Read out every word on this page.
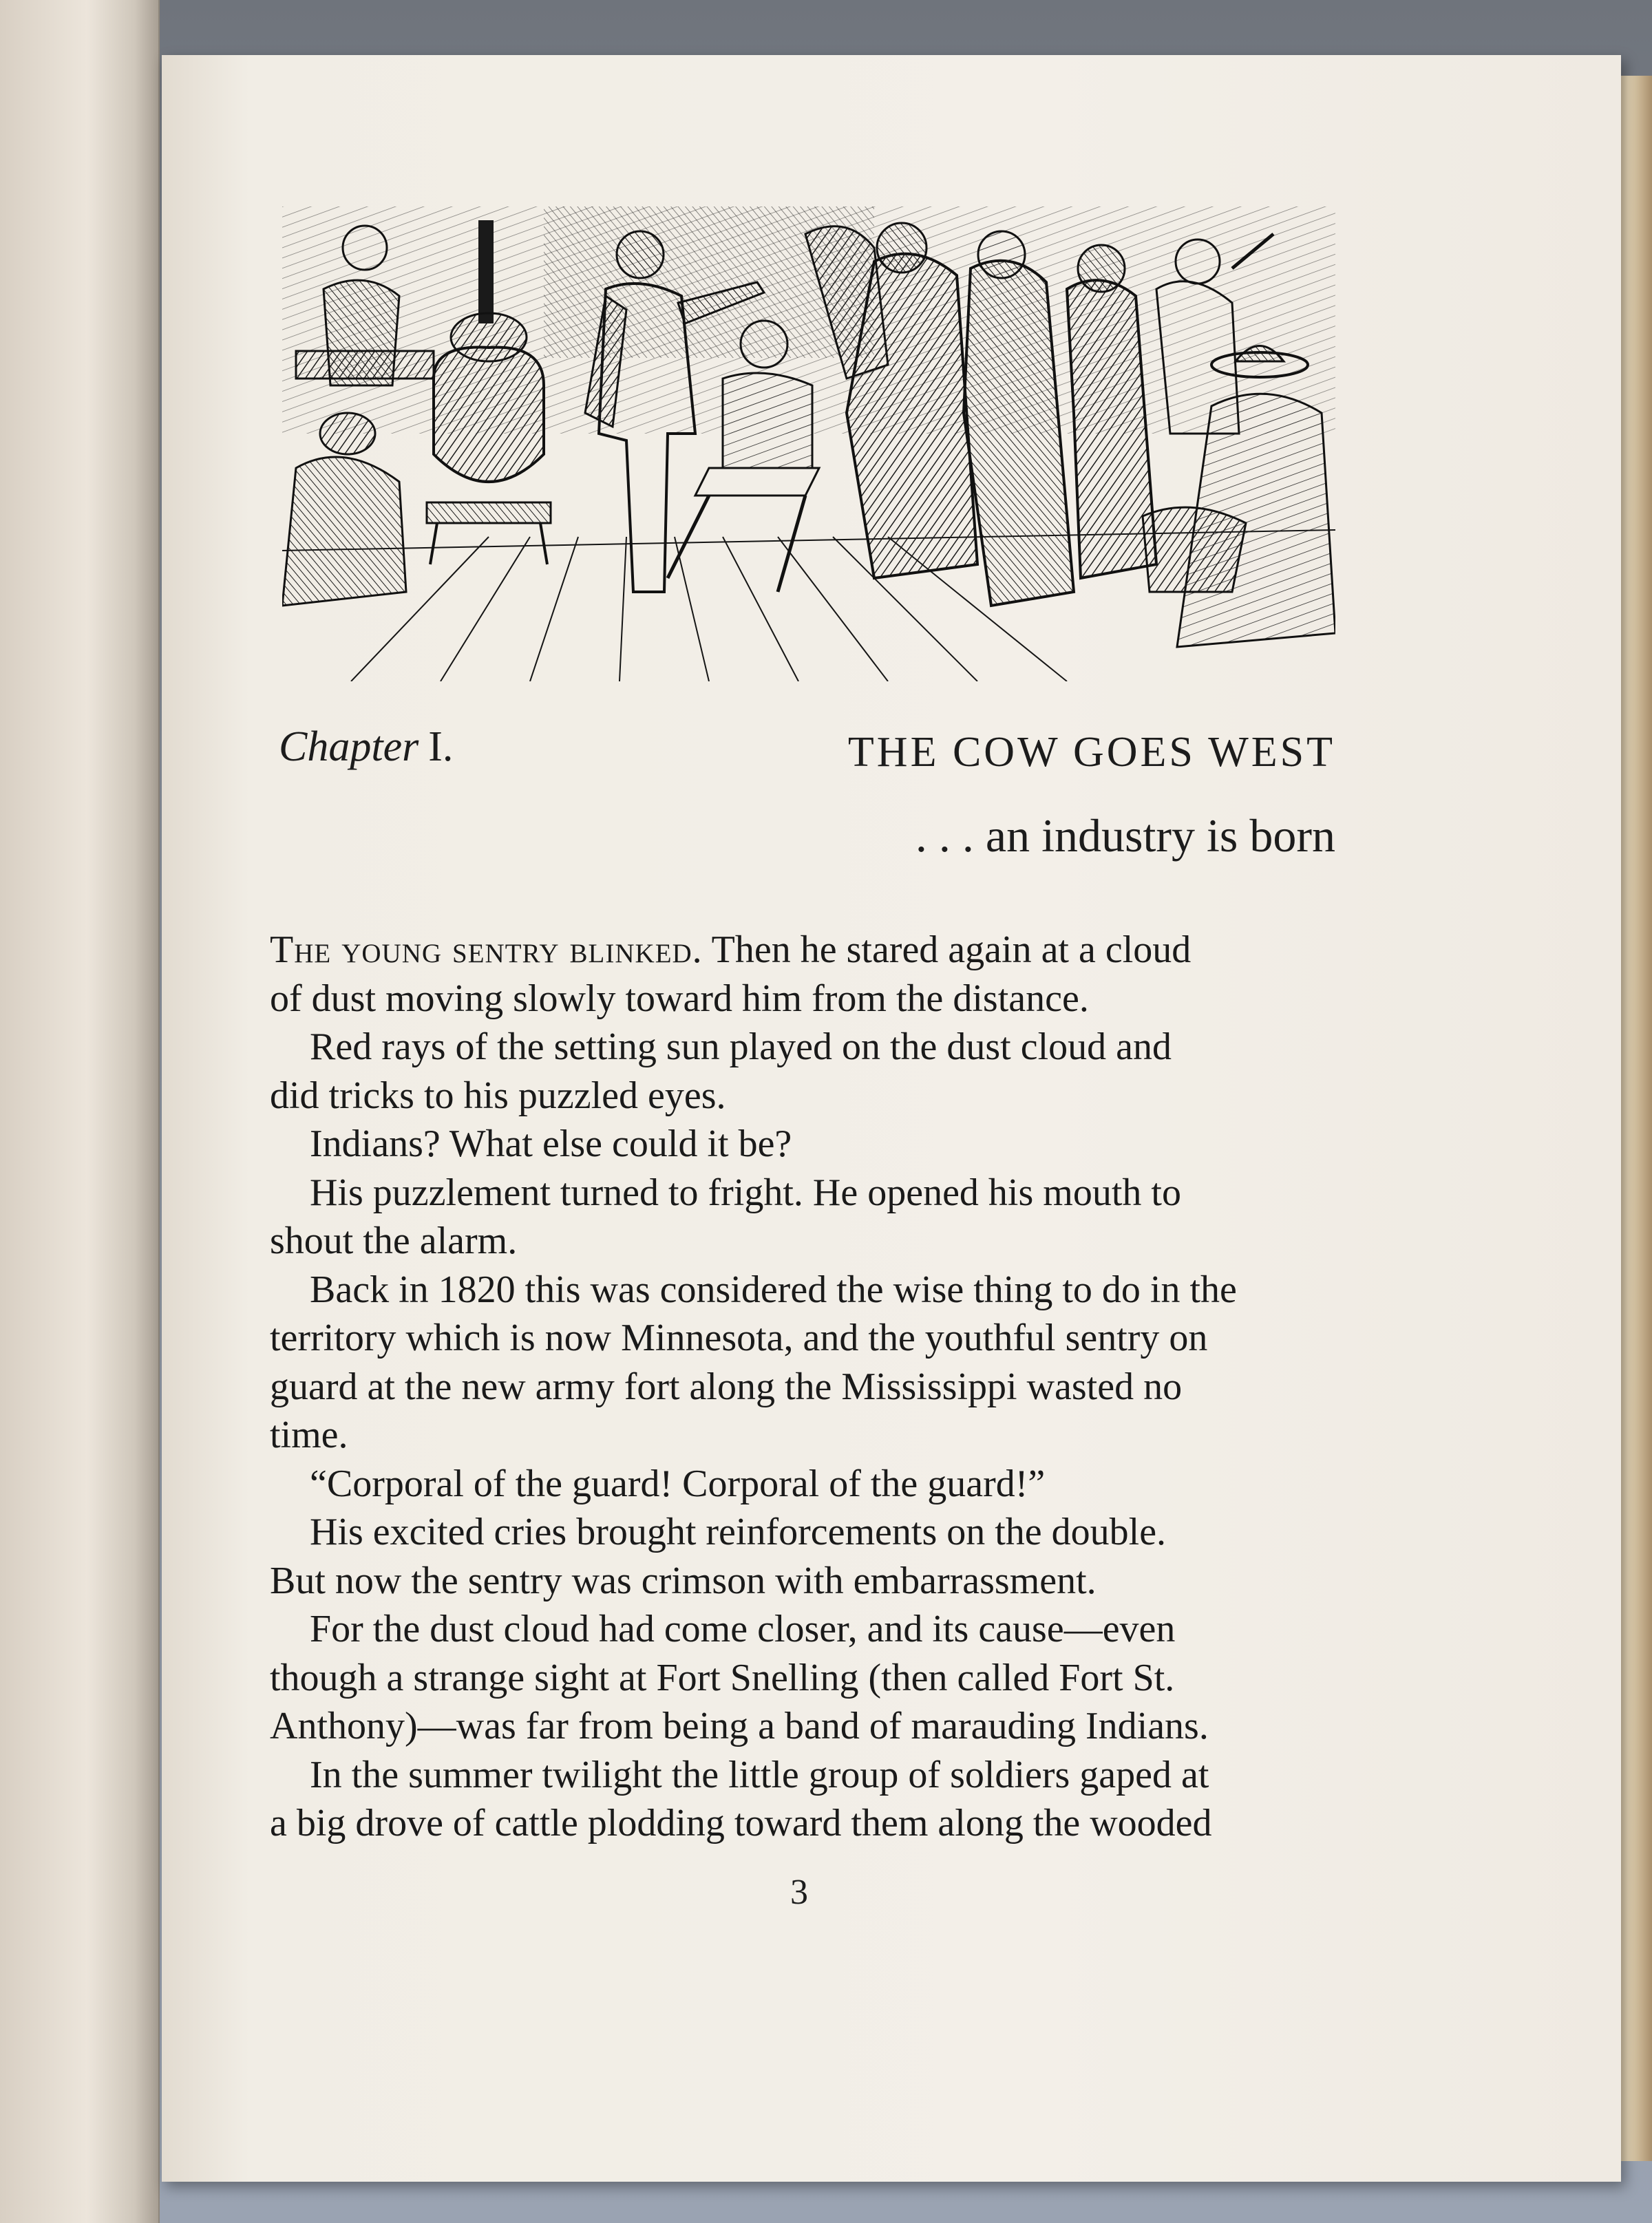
Chapter I.	THE COW GOES WEST
. . . an industry is born
The young sentry blinked. Then he stared again at a cloud
of dust moving slowly toward him from the distance.
Red rays of the setting sun played on the dust cloud and
did tricks to his puzzled eyes.
Indians? What else could it be?
His puzzlement turned to fright. He opened his mouth to
shout the alarm.
Back in 1820 this was considered the wise thing to do in the
territory which is now Minnesota, and the youthful sentry on
guard at the new army fort along the Mississippi wasted no
time.
“Corporal of the guard! Corporal of the guard!”
His excited cries brought reinforcements on the double.
But now the sentry was crimson with embarrassment.
For the dust cloud had come closer, and its cause—even
though a strange sight at Fort Snelling (then called Fort St.
Anthony)—was far from being a band of marauding Indians.
In the summer twilight the little group of soldiers gaped at
a big drove of cattle plodding toward them along the wooded
3
